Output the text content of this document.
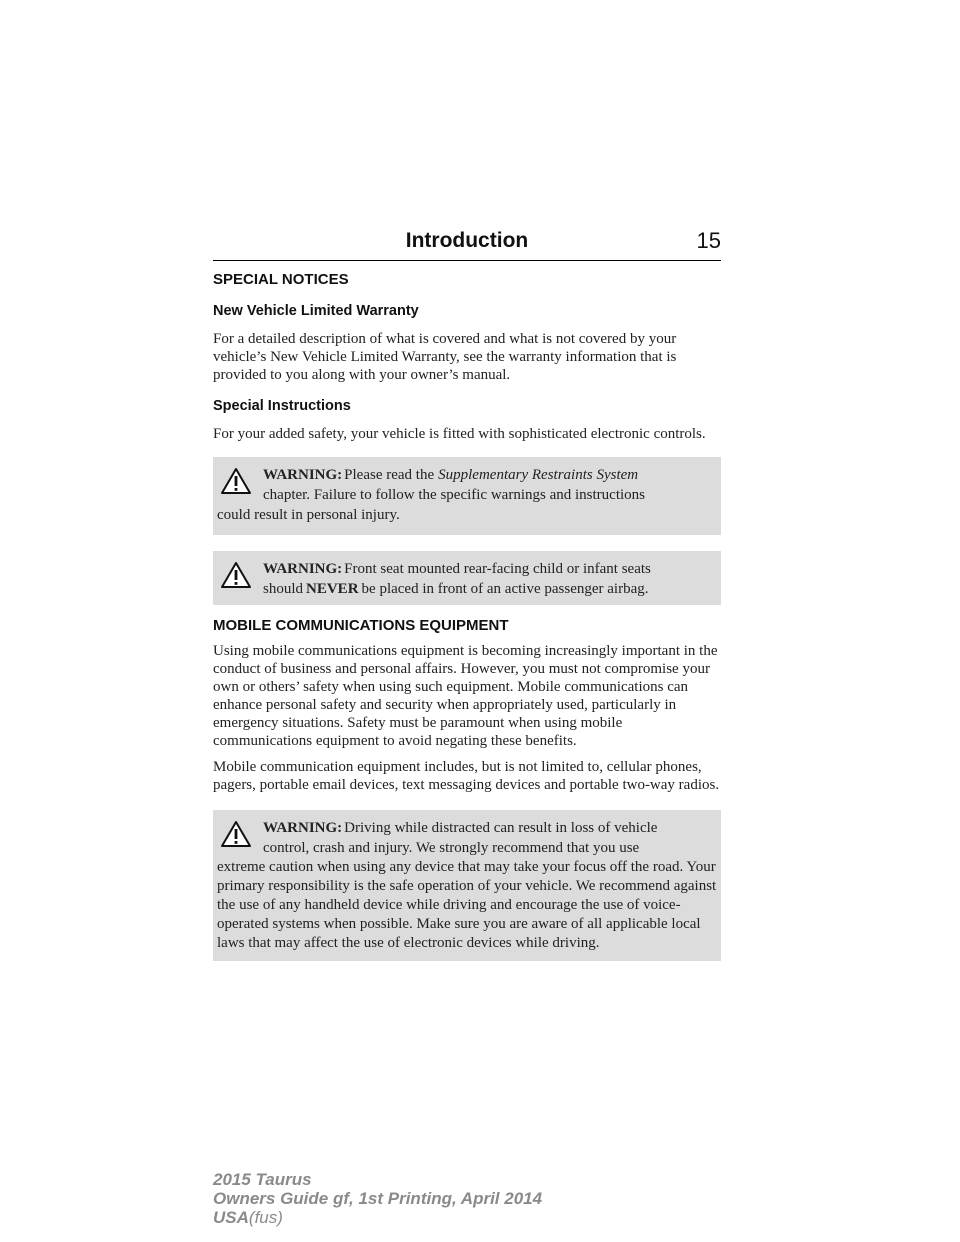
Introduction	15

SPECIAL NOTICES

New Vehicle Limited Warranty

For a detailed description of what is covered and what is not covered by your vehicle’s New Vehicle Limited Warranty, see the warranty information that is provided to you along with your owner’s manual.

Special Instructions

For your added safety, your vehicle is fitted with sophisticated electronic controls.

WARNING: Please read the Supplementary Restraints System
chapter. Failure to follow the specific warnings and instructions
could result in personal injury.
WARNING: Front seat mounted rear-facing child or infant seats
should NEVER be placed in front of an active passenger airbag.

MOBILE COMMUNICATIONS EQUIPMENT

Using mobile communications equipment is becoming increasingly important in the conduct of business and personal affairs. However, you must not compromise your own or others’ safety when using such equipment. Mobile communications can enhance personal safety and security when appropriately used, particularly in emergency situations. Safety must be paramount when using mobile communications equipment to avoid negating these benefits.

Mobile communication equipment includes, but is not limited to, cellular phones, pagers, portable email devices, text messaging devices and portable two-way radios.

WARNING: Driving while distracted can result in loss of vehicle
control, crash and injury. We strongly recommend that you use
extreme caution when using any device that may take your focus off the road. Your primary responsibility is the safe operation of your vehicle. We recommend against the use of any handheld device while driving and encourage the use of voice-operated systems when possible. Make sure you are aware of all applicable local laws that may affect the use of electronic devices while driving.
2015 Taurus
Owners Guide gf, 1st Printing, April 2014
USA(fus)
